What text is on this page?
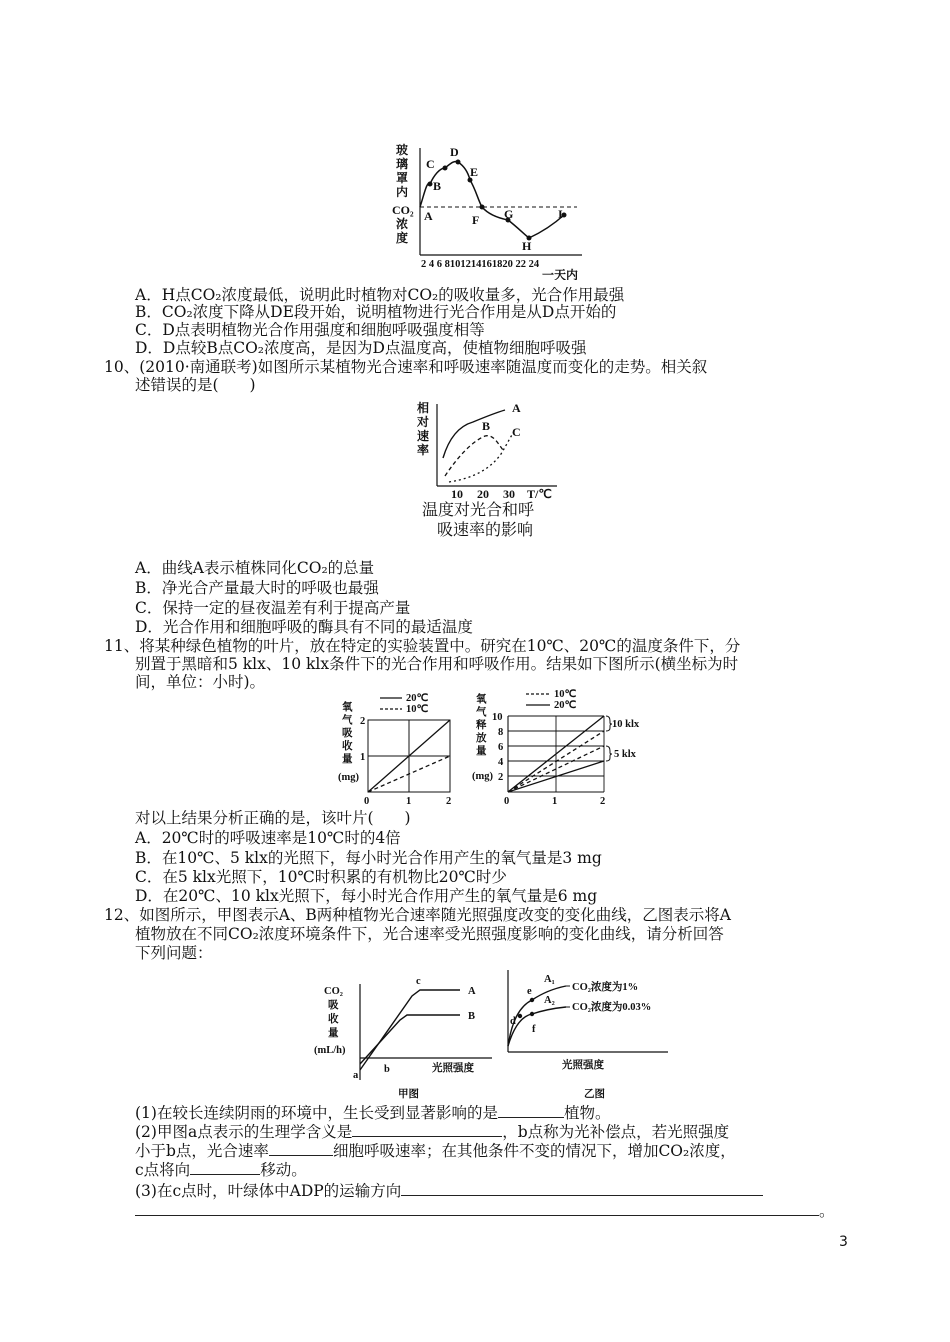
玻
璃
罩
内
CO₂
浓
度
A
B
C
D
E
F G
H
I
2 4 6 8101214161820 22 24
一天内
A．H点CO₂浓度最低，说明此时植物对CO₂的吸收量多，光合作用最强
B．CO₂浓度下降从DE段开始，说明植物进行光合作用是从D点开始的
C．D点表明植物光合作用强度和细胞呼吸强度相等
D．D点较B点CO₂浓度高，是因为D点温度高，使植物细胞呼吸强
10、(2010·南通联考)如图所示某植物光合速率和呼吸速率随温度而变化的走势。相关叙
述错误的是(　　)
相
对
速
率
A
B C
10 20 30 T/℃
温度对光合和呼
吸速率的影响
A．曲线A表示植株同化CO₂的总量
B．净光合产量最大时的呼吸也最强
C．保持一定的昼夜温差有利于提高产量
D．光合作用和细胞呼吸的酶具有不同的最适温度
11、将某种绿色植物的叶片，放在特定的实验装置中。研究在10℃、20℃的温度条件下，分
别置于黑暗和5 klx、10 klx条件下的光合作用和呼吸作用。结果如下图所示(横坐标为时
间，单位：小时)。
20℃
10℃
氧
气
吸
收
量
(mg)
2
1
0	1	2
10℃
20℃
氧
气
释
放
量
(mg)
10 klx
5 klx
10
8
6
4
2
0	1	2
对以上结果分析正确的是，该叶片(　　)
A．20℃时的呼吸速率是10℃时的4倍
B．在10℃、5 klx的光照下，每小时光合作用产生的氧气量是3 mg
C．在5 klx光照下，10℃时积累的有机物比20℃时少
D．在20℃、10 klx光照下，每小时光合作用产生的氧气量是6 mg
12、如图所示，甲图表示A、B两种植物光合速率随光照强度改变的变化曲线，乙图表示将A
植物放在不同CO₂浓度环境条件下，光合速率受光照强度影响的变化曲线，请分析回答
下列问题：
CO₂
吸
收
量
(mL/h)
a
b
c
A
B
光照强度
甲图
d
e
f
A₁
A₂
CO₂浓度为1%
CO₂浓度为0.03%
光照强度
乙图
(1)在较长连续阴雨的环境中，生长受到显著影响的是	植物。
(2)甲图a点表示的生理学含义是	，b点称为光补偿点，若光照强度
小于b点，光合速率	细胞呼吸速率；在其他条件不变的情况下，增加CO₂浓度，
c点将向	移动。
(3)在c点时，叶绿体中ADP的运输方向
。
3
